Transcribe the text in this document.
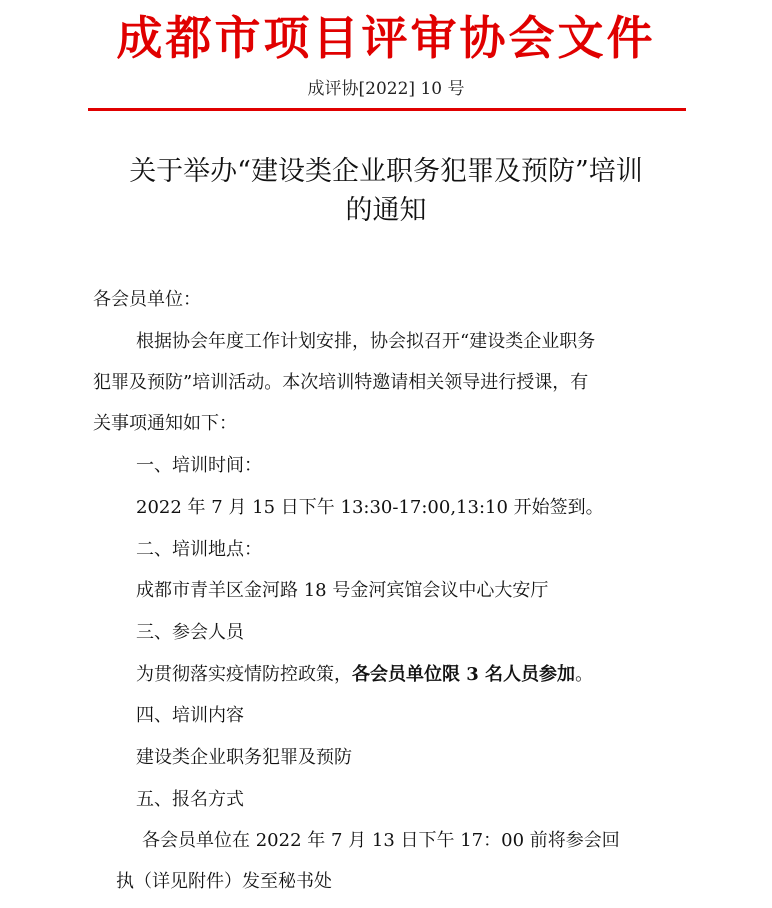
成都市项目评审协会文件
成评协[2022] 10 号
关于举办“建设类企业职务犯罪及预防”培训
的通知
各会员单位：
根据协会年度工作计划安排，协会拟召开“建设类企业职务
犯罪及预防”培训活动。本次培训特邀请相关领导进行授课，有
关事项通知如下：
一、培训时间：
2022 年 7 月 15 日下午 13:30-17:00,13:10 开始签到。
二、培训地点：
成都市青羊区金河路 18 号金河宾馆会议中心大安厅
三、参会人员
为贯彻落实疫情防控政策，各会员单位限 3 名人员参加。
四、培训内容
建设类企业职务犯罪及预防
五、报名方式
各会员单位在 2022 年 7 月 13 日下午 17：00 前将参会回
执（详见附件）发至秘书处
